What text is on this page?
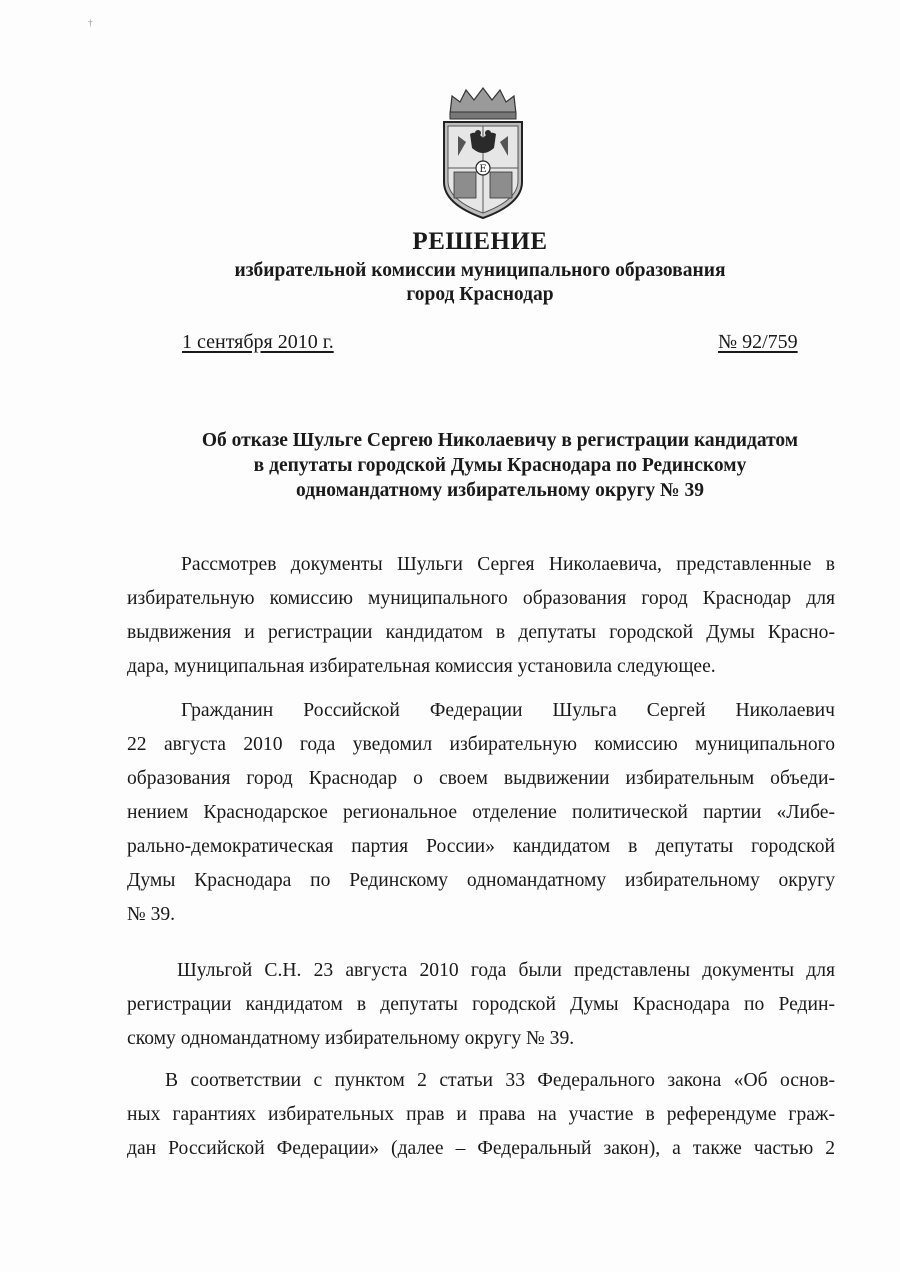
†
Е
РЕШЕНИЕ
избирательной комиссии муниципального образования
город Краснодар
1 сентября 2010 г.	№ 92/759
Об отказе Шульге Сергею Николаевичу в регистрации кандидатом
в депутаты городской Думы Краснодара по Рединскому
одномандатному избирательному округу № 39
Рассмотрев документы Шульги Сергея Николаевича, представленные в
избирательную комиссию муниципального образования город Краснодар для
выдвижения и регистрации кандидатом в депутаты городской Думы Красно-
дара, муниципальная избирательная комиссия установила следующее.
Гражданин Российской Федерации Шульга Сергей Николаевич
22 августа 2010 года уведомил избирательную комиссию муниципального
образования город Краснодар о своем выдвижении избирательным объеди-
нением Краснодарское региональное отделение политической партии «Либе-
рально-демократическая партия России» кандидатом в депутаты городской
Думы Краснодара по Рединскому одномандатному избирательному округу
№ 39.
Шульгой С.Н. 23 августа 2010 года были представлены документы для
регистрации кандидатом в депутаты городской Думы Краснодара по Редин-
скому одномандатному избирательному округу № 39.
В соответствии с пунктом 2 статьи 33 Федерального закона «Об основ-
ных гарантиях избирательных прав и права на участие в референдуме граж-
дан Российской Федерации» (далее – Федеральный закон), а также частью 2
